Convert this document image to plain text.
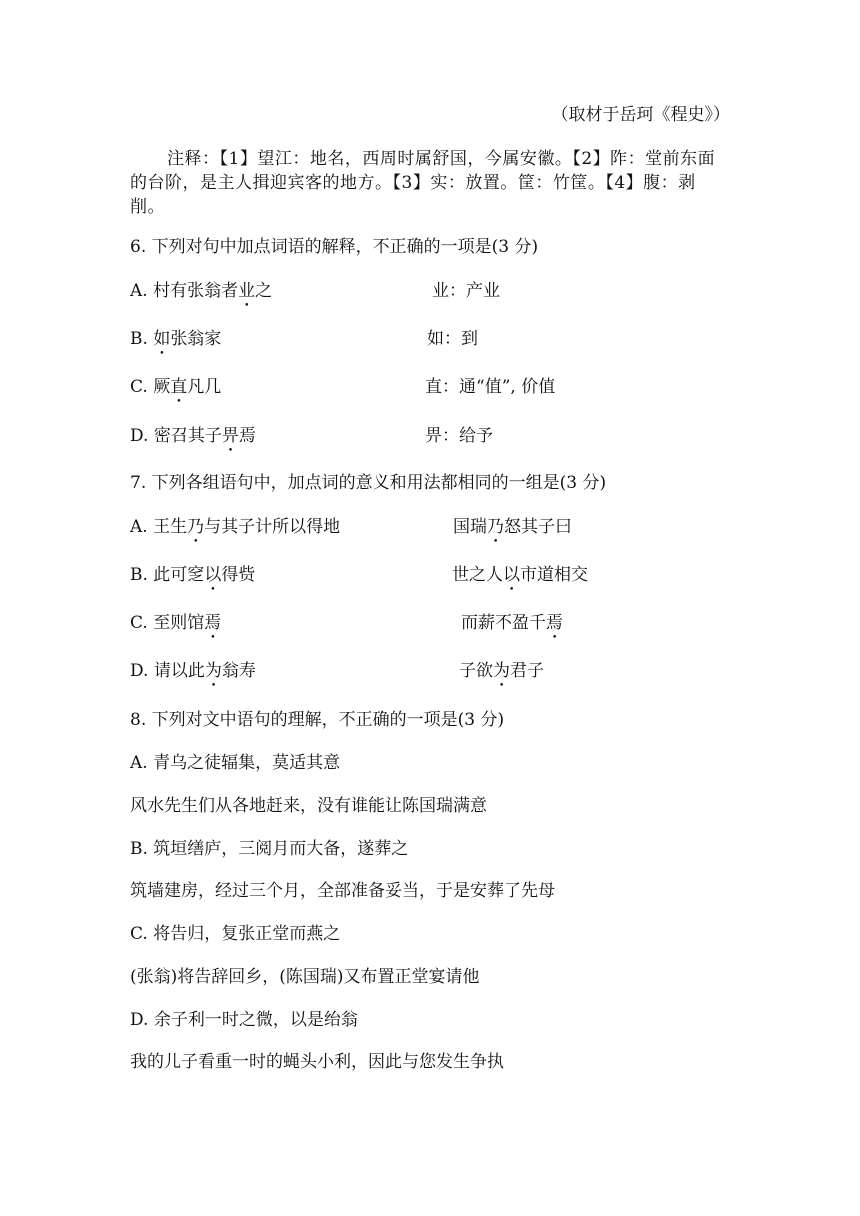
（取材于岳珂《程史》）
注释：【1】望江：地名，西周时属舒国，今属安徽。【2】阼：堂前东面的台阶，是主人揖迎宾客的地方。【3】实：放置。筐：竹筐。【4】腹：剥削。
6. 下列对句中加点词语的解释，不正确的一项是(3 分)
A. 村有张翁者业之	业：产业
B. 如张翁家	如：到
C. 厥直凡几	直：通“值”, 价值
D. 密召其子畀焉	畀：给予
7. 下列各组语句中，加点词的意义和用法都相同的一组是(3 分)
A. 王生乃与其子计所以得地	国瑞乃怒其子曰
B. 此可窆以得赀	世之人以市道相交
C. 至则馆焉	而薪不盈千焉
D. 请以此为翁寿	子欲为君子
8. 下列对文中语句的理解，不正确的一项是(3 分)
A. 青乌之徒辐集，莫适其意
风水先生们从各地赶来，没有谁能让陈国瑞满意
B. 筑垣缮庐，三阅月而大备，遂葬之
筑墙建房，经过三个月，全部准备妥当，于是安葬了先母
C. 将告归，复张正堂而燕之
(张翁)将告辞回乡，(陈国瑞)又布置正堂宴请他
D. 余子利一时之微，以是绐翁
我的儿子看重一时的蝇头小利，因此与您发生争执
